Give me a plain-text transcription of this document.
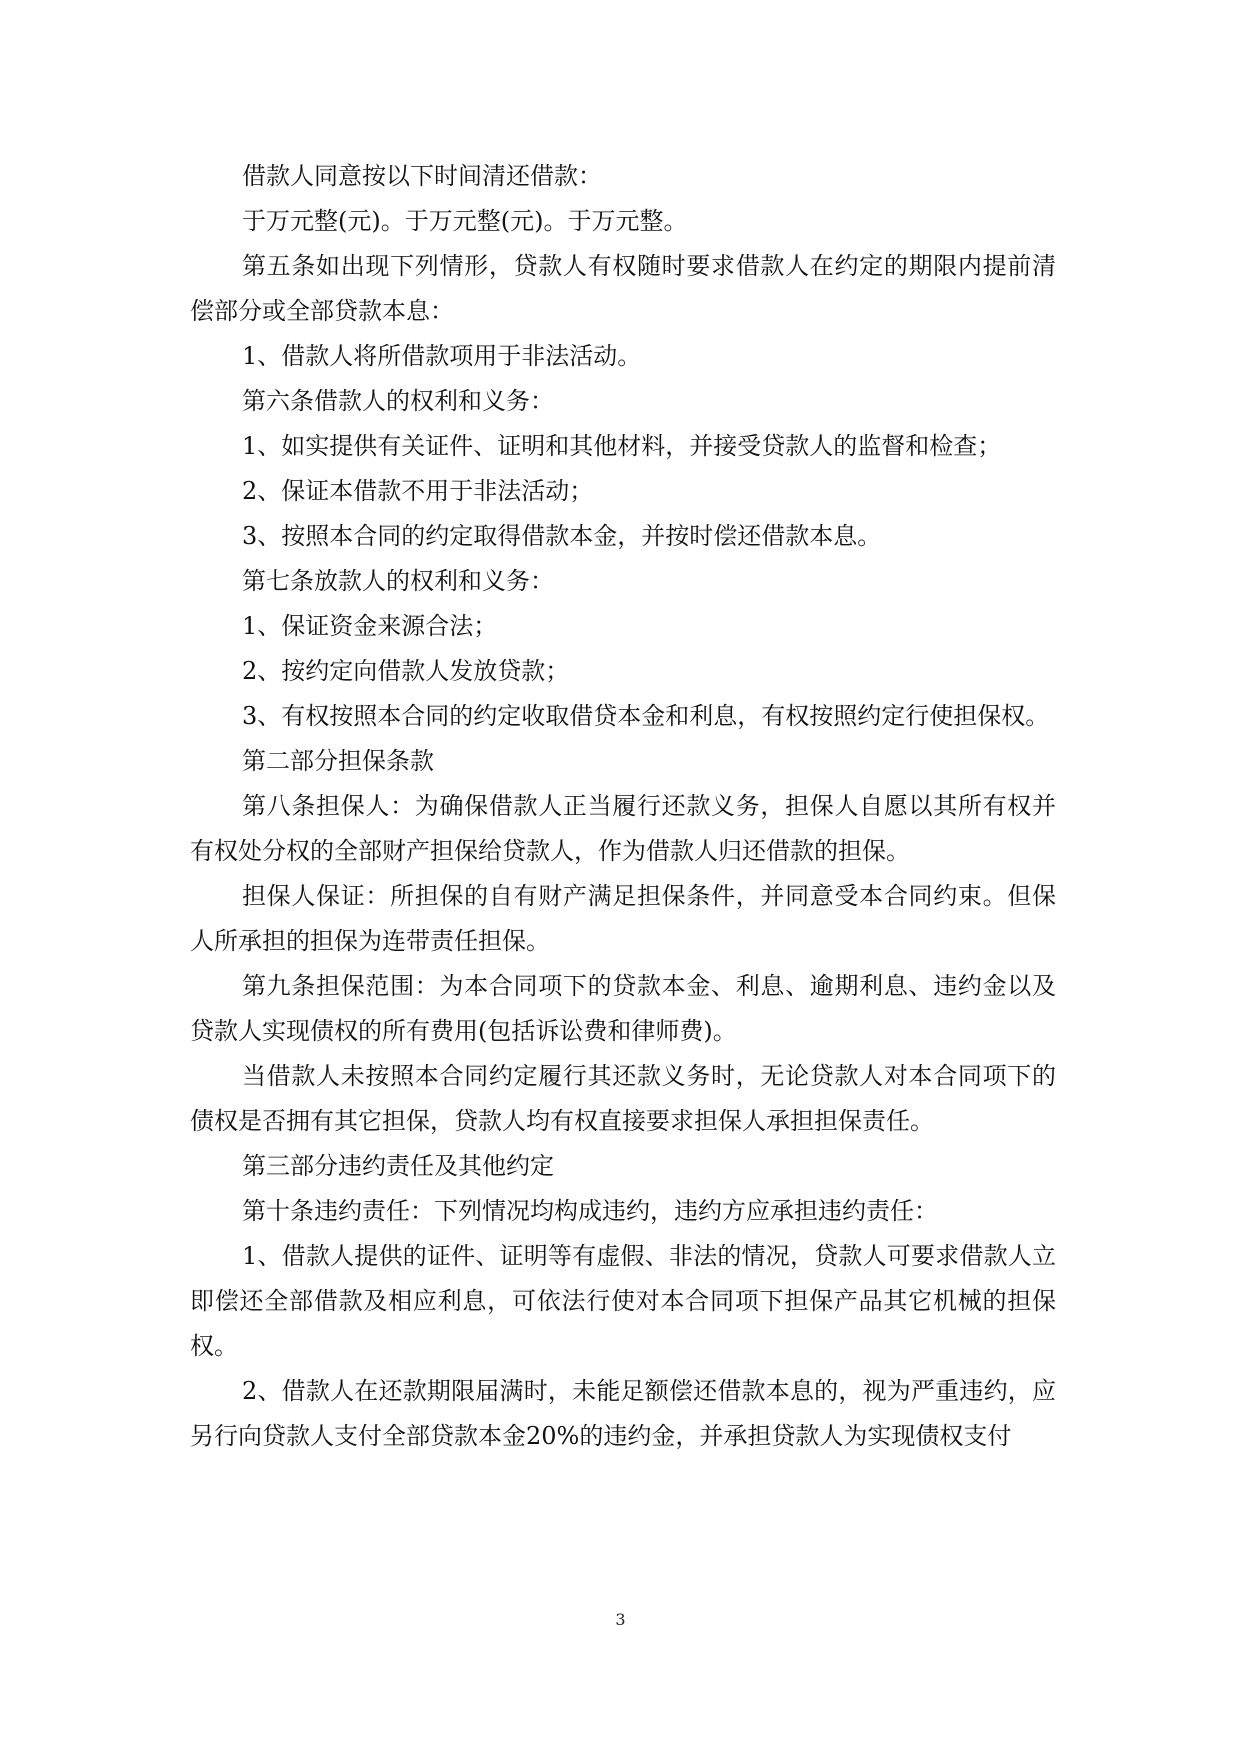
借款人同意按以下时间清还借款：

于万元整(元)。于万元整(元)。于万元整。

第五条如出现下列情形，贷款人有权随时要求借款人在约定的期限内提前清偿部分或全部贷款本息：

1、借款人将所借款项用于非法活动。

第六条借款人的权利和义务：

1、如实提供有关证件、证明和其他材料，并接受贷款人的监督和检查；

2、保证本借款不用于非法活动；

3、按照本合同的约定取得借款本金，并按时偿还借款本息。

第七条放款人的权利和义务：

1、保证资金来源合法；

2、按约定向借款人发放贷款；

3、有权按照本合同的约定收取借贷本金和利息，有权按照约定行使担保权。

第二部分担保条款

第八条担保人：为确保借款人正当履行还款义务，担保人自愿以其所有权并有权处分权的全部财产担保给贷款人，作为借款人归还借款的担保。

担保人保证：所担保的自有财产满足担保条件，并同意受本合同约束。但保人所承担的担保为连带责任担保。

第九条担保范围：为本合同项下的贷款本金、利息、逾期利息、违约金以及贷款人实现债权的所有费用(包括诉讼费和律师费)。

当借款人未按照本合同约定履行其还款义务时，无论贷款人对本合同项下的债权是否拥有其它担保，贷款人均有权直接要求担保人承担担保责任。

第三部分违约责任及其他约定

第十条违约责任：下列情况均构成违约，违约方应承担违约责任：

1、借款人提供的证件、证明等有虚假、非法的情况，贷款人可要求借款人立即偿还全部借款及相应利息，可依法行使对本合同项下担保产品其它机械的担保权。

2、借款人在还款期限届满时，未能足额偿还借款本息的，视为严重违约，应另行向贷款人支付全部贷款本金20%的违约金，并承担贷款人为实现债权支付

3
